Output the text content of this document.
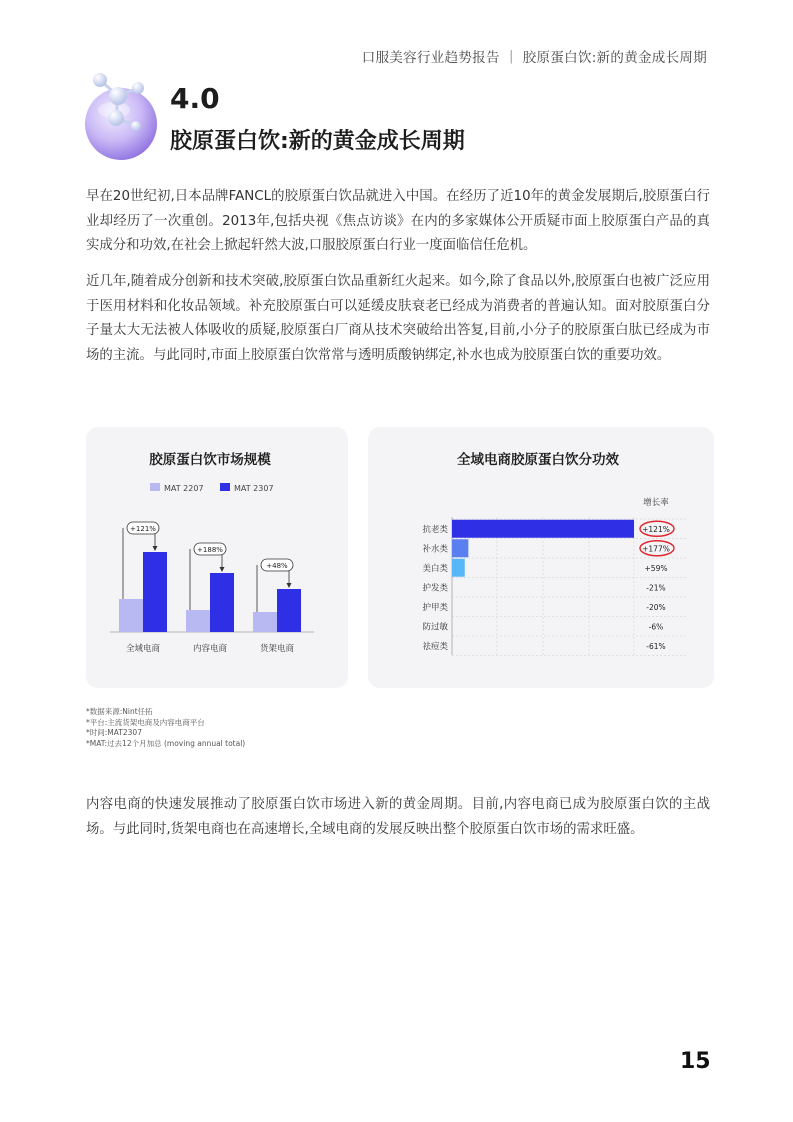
口服美容行业趋势报告 ｜ 胶原蛋白饮:新的黄金成长周期
4.0
胶原蛋白饮:新的黄金成长周期

早在20世纪初,日本品牌FANCL的胶原蛋白饮品就进入中国。在经历了近10年的黄金发展期后,胶原蛋白行业却经历了一次重创。2013年,包括央视《焦点访谈》在内的多家媒体公开质疑市面上胶原蛋白产品的真实成分和功效,在社会上掀起轩然大波,口服胶原蛋白行业一度面临信任危机。

近几年,随着成分创新和技术突破,胶原蛋白饮品重新红火起来。如今,除了食品以外,胶原蛋白也被广泛应用于医用材料和化妆品领域。补充胶原蛋白可以延缓皮肤衰老已经成为消费者的普遍认知。面对胶原蛋白分子量太大无法被人体吸收的质疑,胶原蛋白厂商从技术突破给出答复,目前,小分子的胶原蛋白肽已经成为市场的主流。与此同时,市面上胶原蛋白饮常常与透明质酸钠绑定,补水也成为胶原蛋白饮的重要功效。

胶原蛋白饮市场规模
MAT 2207	MAT 2307
+121%
全域电商
+188%
内容电商
+48%
货架电商
全域电商胶原蛋白饮分功效
增长率
抗老类	+121%
补水类	+177%
美白类	+59%
护发类	-21%
护甲类	-20%
防过敏	-6%
祛痘类	-61%
*数据来源:Nint任拓
*平台:主流货架电商及内容电商平台
*时间:MAT2307
*MAT:过去12个月加总 (moving annual total)

内容电商的快速发展推动了胶原蛋白饮市场进入新的黄金周期。目前,内容电商已成为胶原蛋白饮的主战场。与此同时,货架电商也在高速增长,全域电商的发展反映出整个胶原蛋白饮市场的需求旺盛。

15
